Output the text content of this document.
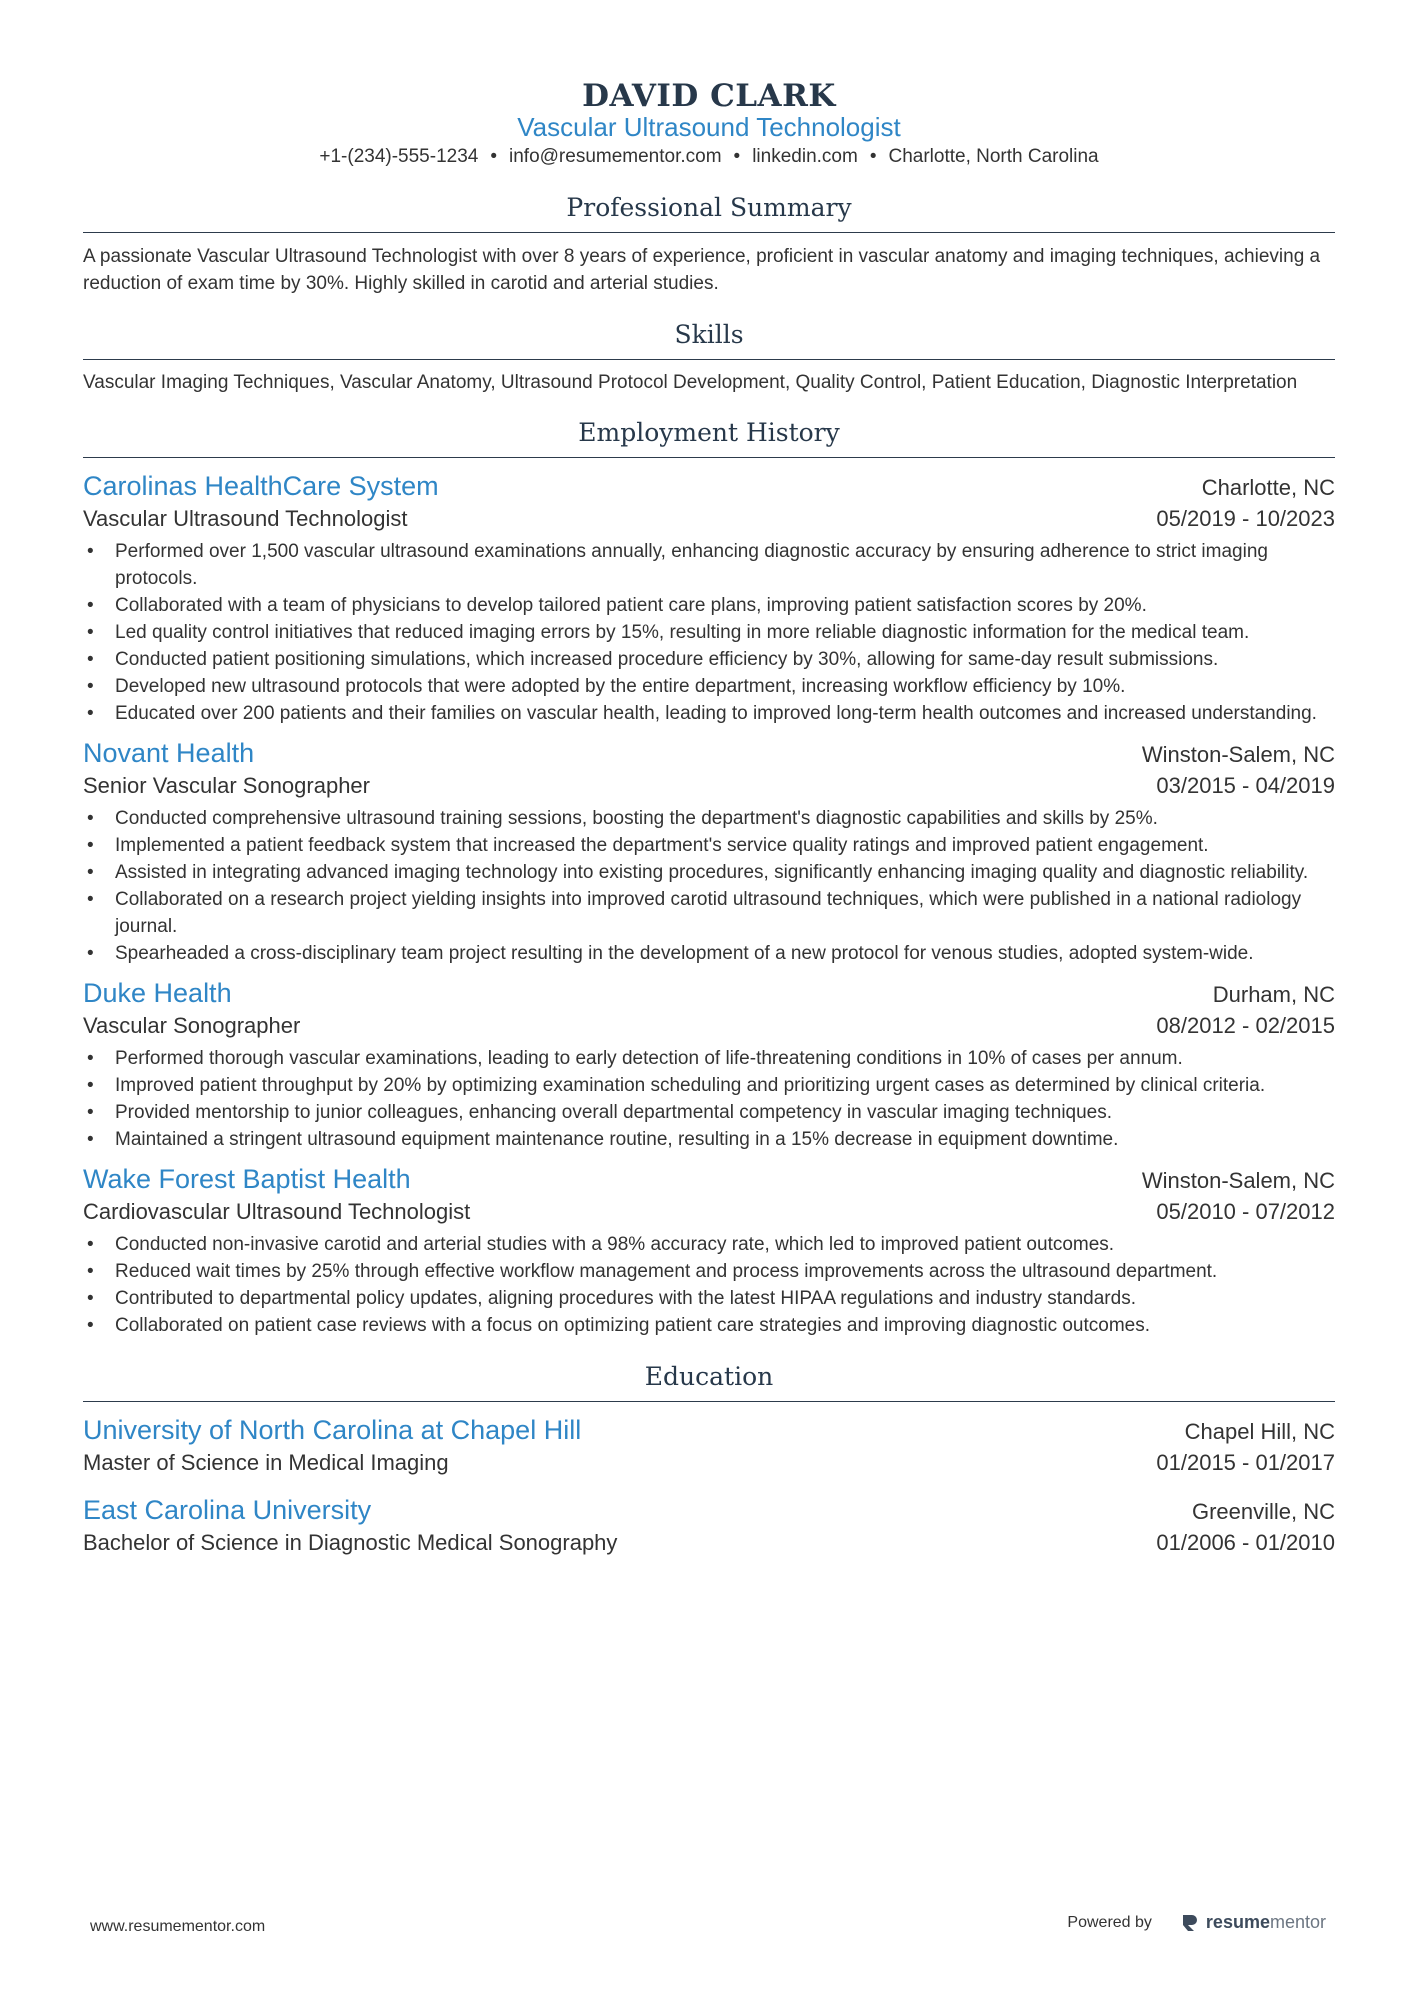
DAVID CLARK
Vascular Ultrasound Technologist
+1-(234)-555-1234 • info@resumementor.com • linkedin.com • Charlotte, North Carolina
Professional Summary
A passionate Vascular Ultrasound Technologist with over 8 years of experience, proficient in vascular anatomy and imaging techniques, achieving a reduction of exam time by 30%. Highly skilled in carotid and arterial studies.
Skills
Vascular Imaging Techniques, Vascular Anatomy, Ultrasound Protocol Development, Quality Control, Patient Education, Diagnostic Interpretation
Employment History
Carolinas HealthCare System	Charlotte, NC
Vascular Ultrasound Technologist	05/2019 - 10/2023
• Performed over 1,500 vascular ultrasound examinations annually, enhancing diagnostic accuracy by ensuring adherence to strict imaging protocols.
• Collaborated with a team of physicians to develop tailored patient care plans, improving patient satisfaction scores by 20%.
• Led quality control initiatives that reduced imaging errors by 15%, resulting in more reliable diagnostic information for the medical team.
• Conducted patient positioning simulations, which increased procedure efficiency by 30%, allowing for same-day result submissions.
• Developed new ultrasound protocols that were adopted by the entire department, increasing workflow efficiency by 10%.
• Educated over 200 patients and their families on vascular health, leading to improved long-term health outcomes and increased understanding.
Novant Health	Winston-Salem, NC
Senior Vascular Sonographer	03/2015 - 04/2019
• Conducted comprehensive ultrasound training sessions, boosting the department's diagnostic capabilities and skills by 25%.
• Implemented a patient feedback system that increased the department's service quality ratings and improved patient engagement.
• Assisted in integrating advanced imaging technology into existing procedures, significantly enhancing imaging quality and diagnostic reliability.
• Collaborated on a research project yielding insights into improved carotid ultrasound techniques, which were published in a national radiology journal.
• Spearheaded a cross-disciplinary team project resulting in the development of a new protocol for venous studies, adopted system-wide.
Duke Health	Durham, NC
Vascular Sonographer	08/2012 - 02/2015
• Performed thorough vascular examinations, leading to early detection of life-threatening conditions in 10% of cases per annum.
• Improved patient throughput by 20% by optimizing examination scheduling and prioritizing urgent cases as determined by clinical criteria.
• Provided mentorship to junior colleagues, enhancing overall departmental competency in vascular imaging techniques.
• Maintained a stringent ultrasound equipment maintenance routine, resulting in a 15% decrease in equipment downtime.
Wake Forest Baptist Health	Winston-Salem, NC
Cardiovascular Ultrasound Technologist	05/2010 - 07/2012
• Conducted non-invasive carotid and arterial studies with a 98% accuracy rate, which led to improved patient outcomes.
• Reduced wait times by 25% through effective workflow management and process improvements across the ultrasound department.
• Contributed to departmental policy updates, aligning procedures with the latest HIPAA regulations and industry standards.
• Collaborated on patient case reviews with a focus on optimizing patient care strategies and improving diagnostic outcomes.
Education
University of North Carolina at Chapel Hill	Chapel Hill, NC
Master of Science in Medical Imaging	01/2015 - 01/2017
East Carolina University	Greenville, NC
Bachelor of Science in Diagnostic Medical Sonography	01/2006 - 01/2010
www.resumementor.com	Powered by	resumementor
